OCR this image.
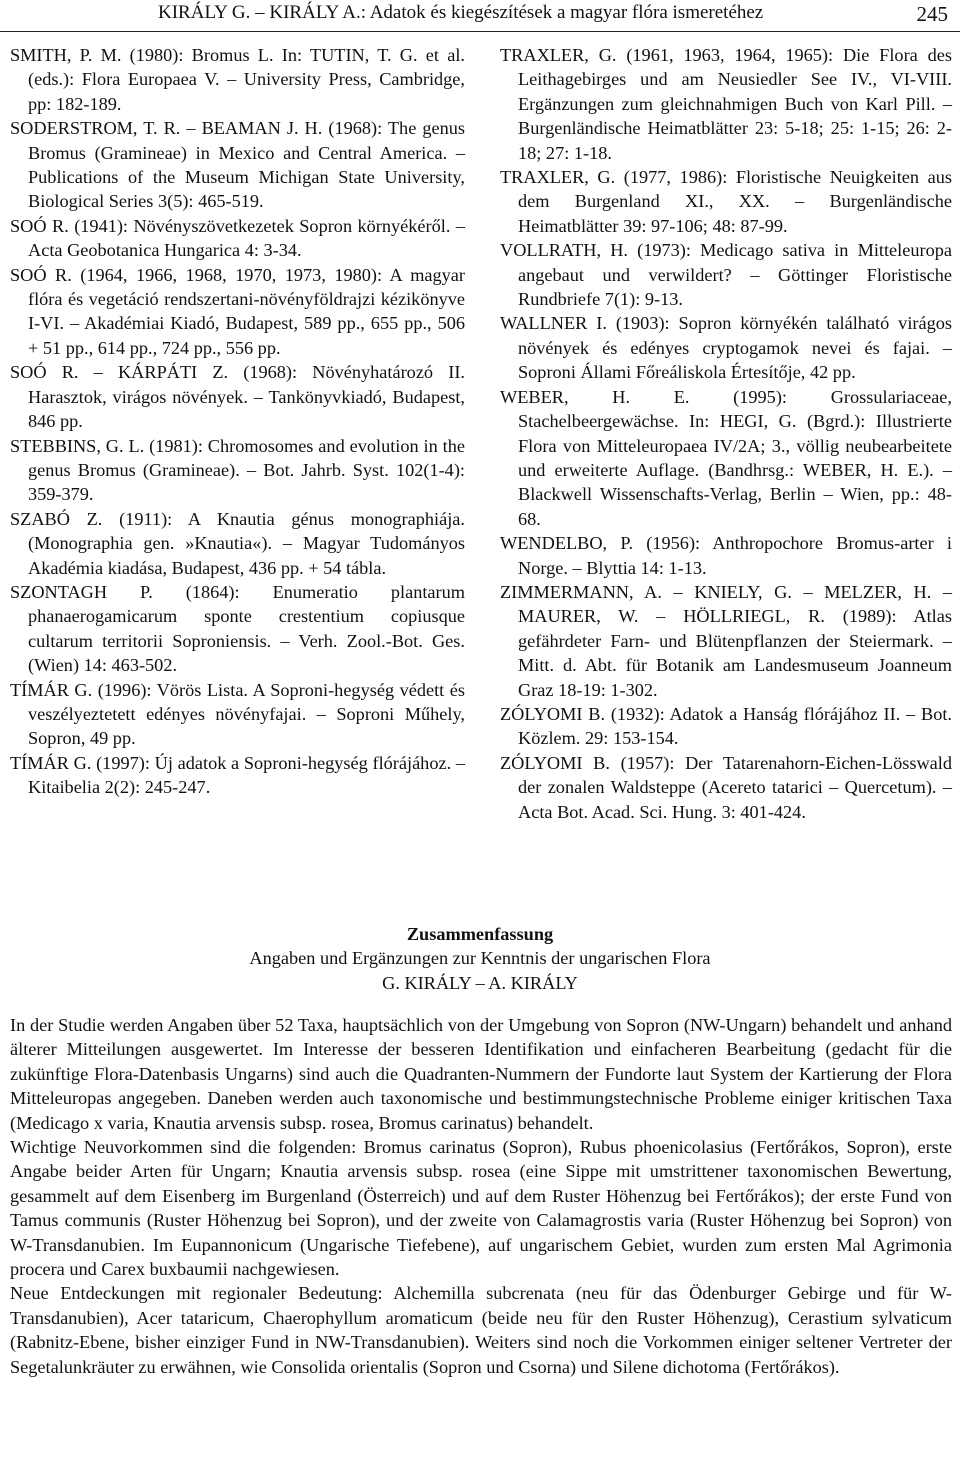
KIRÁLY G. – KIRÁLY A.: Adatok és kiegészítések a magyar flóra ismeretéhez	245

SMITH, P. M. (1980): Bromus L. In: TUTIN, T. G. et al. (eds.): Flora Europaea V. – University Press, Cambridge, pp: 182-189.

SODERSTROM, T. R. – BEAMAN J. H. (1968): The genus Bromus (Gramineae) in Mexico and Central America. – Publications of the Museum Michigan State University, Biological Series 3(5): 465-519.

SOÓ R. (1941): Növényszövetkezetek Sopron környékéről. – Acta Geobotanica Hungarica 4: 3-34.

SOÓ R. (1964, 1966, 1968, 1970, 1973, 1980): A magyar flóra és vegetáció rendszertani-növényföldrajzi kézikönyve I-VI. – Akadémiai Kiadó, Budapest, 589 pp., 655 pp., 506 + 51 pp., 614 pp., 724 pp., 556 pp.

SOÓ R. – KÁRPÁTI Z. (1968): Növényhatározó II. Harasztok, virágos növények. – Tankönyvkiadó, Budapest, 846 pp.

STEBBINS, G. L. (1981): Chromosomes and evolution in the genus Bromus (Gramineae). – Bot. Jahrb. Syst. 102(1-4): 359-379.

SZABÓ Z. (1911): A Knautia génus monographiája. (Monographia gen. »Knautia«). – Magyar Tudományos Akadémia kiadása, Budapest, 436 pp. + 54 tábla.

SZONTAGH P. (1864): Enumeratio plantarum phanaerogamicarum sponte crestentium copiusque cultarum territorii Soproniensis. – Verh. Zool.-Bot. Ges. (Wien) 14: 463-502.

TÍMÁR G. (1996): Vörös Lista. A Soproni-hegység védett és veszélyeztetett edényes növényfajai. – Soproni Műhely, Sopron, 49 pp.

TÍMÁR G. (1997): Új adatok a Soproni-hegység flórájához. – Kitaibelia 2(2): 245-247.

TRAXLER, G. (1961, 1963, 1964, 1965): Die Flora des Leithagebirges und am Neusiedler See IV., VI-VIII. Ergänzungen zum gleichnahmigen Buch von Karl Pill. – Burgenländische Heimatblätter 23: 5-18; 25: 1-15; 26: 2-18; 27: 1-18.

TRAXLER, G. (1977, 1986): Floristische Neuigkeiten aus dem Burgenland XI., XX. – Burgenländische Heimatblätter 39: 97-106; 48: 87-99.

VOLLRATH, H. (1973): Medicago sativa in Mitteleuropa angebaut und verwildert? – Göttinger Floristische Rundbriefe 7(1): 9-13.

WALLNER I. (1903): Sopron környékén található virágos növények és edényes cryptogamok nevei és fajai. – Soproni Állami Főreáliskola Értesítője, 42 pp.

WEBER, H. E. (1995): Grossulariaceae, Stachelbeergewächse. In: HEGI, G. (Bgrd.): Illustrierte Flora von Mitteleuropaea IV/2A; 3., völlig neubearbeitete und erweiterte Auflage. (Bandhrsg.: WEBER, H. E.). – Blackwell Wissenschafts-Verlag, Berlin – Wien, pp.: 48-68.

WENDELBO, P. (1956): Anthropochore Bromus-arter i Norge. – Blyttia 14: 1-13.

ZIMMERMANN, A. – KNIELY, G. – MELZER, H. – MAURER, W. – HÖLLRIEGL, R. (1989): Atlas gefährdeter Farn- und Blütenpflanzen der Steiermark. – Mitt. d. Abt. für Botanik am Landesmuseum Joanneum Graz 18-19: 1-302.

ZÓLYOMI B. (1932): Adatok a Hanság flórájához II. – Bot. Közlem. 29: 153-154.

ZÓLYOMI B. (1957): Der Tatarenahorn-Eichen-Lösswald der zonalen Waldsteppe (Acereto tatarici – Quercetum). – Acta Bot. Acad. Sci. Hung. 3: 401-424.

Zusammenfassung
Angaben und Ergänzungen zur Kenntnis der ungarischen Flora
G. KIRÁLY – A. KIRÁLY

In der Studie werden Angaben über 52 Taxa, hauptsächlich von der Umgebung von Sopron (NW-Ungarn) behandelt und anhand älterer Mitteilungen ausgewertet. Im Interesse der besseren Identifikation und einfacheren Bearbeitung (gedacht für die zukünftige Flora-Datenbasis Ungarns) sind auch die Quadranten-Nummern der Fundorte laut System der Kartierung der Flora Mitteleuropas angegeben. Daneben werden auch taxonomische und bestimmungstechnische Probleme einiger kritischen Taxa (Medicago x varia, Knautia arvensis subsp. rosea, Bromus carinatus) behandelt.

Wichtige Neuvorkommen sind die folgenden: Bromus carinatus (Sopron), Rubus phoenicolasius (Fertőrákos, Sopron), erste Angabe beider Arten für Ungarn; Knautia arvensis subsp. rosea (eine Sippe mit umstrittener taxonomischen Bewertung, gesammelt auf dem Eisenberg im Burgenland (Österreich) und auf dem Ruster Höhenzug bei Fertőrákos); der erste Fund von Tamus communis (Ruster Höhenzug bei Sopron), und der zweite von Calamagrostis varia (Ruster Höhenzug bei Sopron) von W-Transdanubien. Im Eupannonicum (Ungarische Tiefebene), auf ungarischem Gebiet, wurden zum ersten Mal Agrimonia procera und Carex buxbaumii nachgewiesen.

Neue Entdeckungen mit regionaler Bedeutung: Alchemilla subcrenata (neu für das Ödenburger Gebirge und für W-Transdanubien), Acer tataricum, Chaerophyllum aromaticum (beide neu für den Ruster Höhenzug), Cerastium sylvaticum (Rabnitz-Ebene, bisher einziger Fund in NW-Transdanubien). Weiters sind noch die Vorkommen einiger seltener Vertreter der Segetalunkräuter zu erwähnen, wie Consolida orientalis (Sopron und Csorna) und Silene dichotoma (Fertőrákos).
